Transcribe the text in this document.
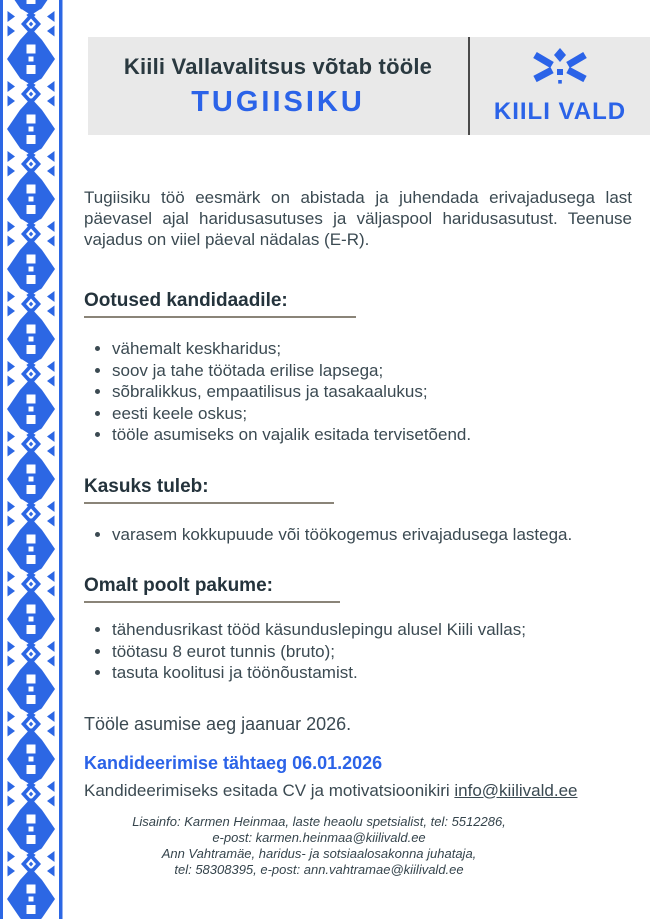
Kiili Vallavalitsus võtab tööle
TUGIISIKU	KIILI VALD

Tugiisiku töö eesmärk on abistada ja juhendada erivajadusega last päevasel ajal haridusasutuses ja väljaspool haridusasutust. Teenuse vajadus on viiel päeval nädalas (E-R).

Ootused kandidaadile:
• vähemalt keskharidus;
• soov ja tahe töötada erilise lapsega;
• sõbralikkus, empaatilisus ja tasakaalukus;
• eesti keele oskus;
• tööle asumiseks on vajalik esitada tervisetõend.
Kasuks tuleb:
• varasem kokkupuude või töökogemus erivajadusega lastega.
Omalt poolt pakume:
• tähendusrikast tööd käsunduslepingu alusel Kiili vallas;
• töötasu 8 eurot tunnis (bruto);
• tasuta koolitusi ja töönõustamist.
Tööle asumise aeg jaanuar 2026.
Kandideerimise tähtaeg 06.01.2026
Kandideerimiseks esitada CV ja motivatsioonikiri info@kiilivald.ee
Lisainfo: Karmen Heinmaa, laste heaolu spetsialist, tel: 5512286,
e-post: karmen.heinmaa@kiilivald.ee
Ann Vahtramäe, haridus- ja sotsiaalosakonna juhataja,
tel: 58308395, e-post: ann.vahtramae@kiilivald.ee
